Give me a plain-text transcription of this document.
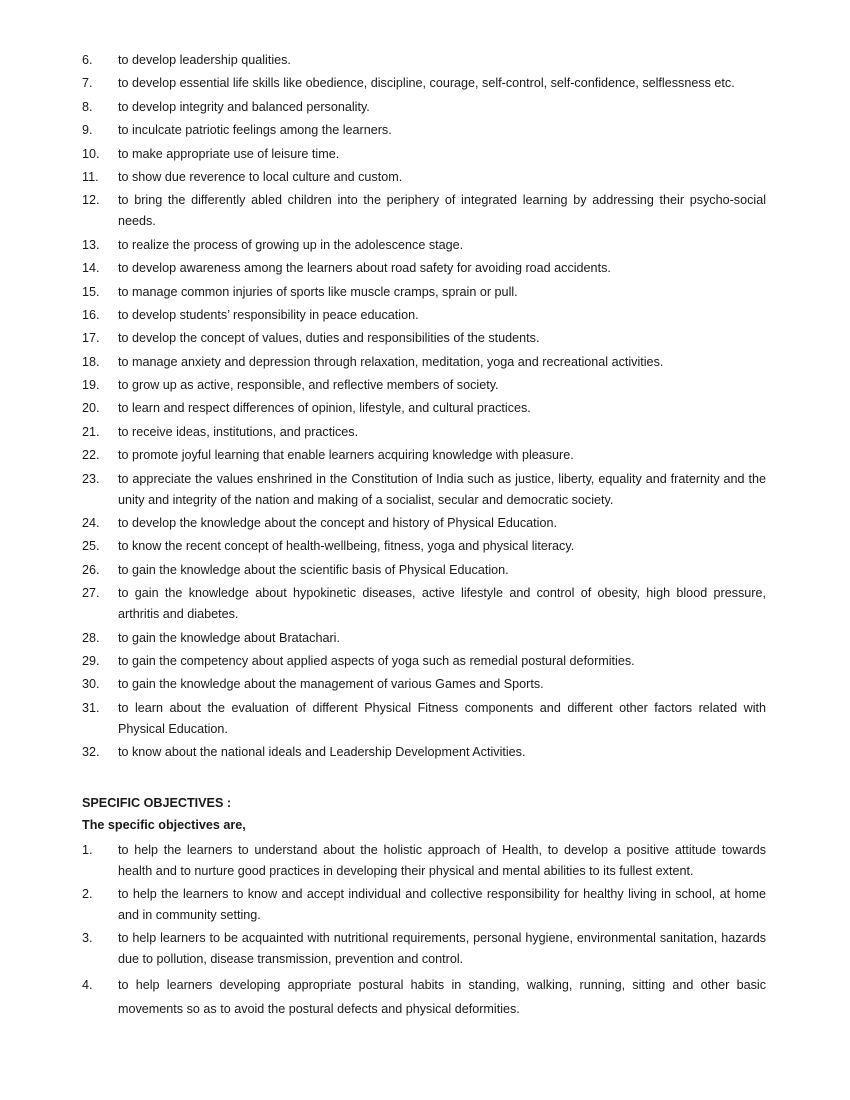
6.	to develop leadership qualities.
7.	to develop essential life skills like obedience, discipline, courage, self-control, self-confidence, selflessness etc.
8.	to develop integrity and balanced personality.
9.	to inculcate patriotic feelings among the learners.
10.	to make appropriate use of leisure time.
11.	to show due reverence to local culture and custom.
12.	to bring the differently abled children into the periphery of integrated learning by addressing their psycho-social needs.
13.	to realize the process of growing up in the adolescence stage.
14.	to develop awareness among the learners about road safety for avoiding road accidents.
15.	to manage common injuries of sports like muscle cramps, sprain or pull.
16.	to develop students’ responsibility in peace education.
17.	to develop the concept of values, duties and responsibilities of the students.
18.	to manage anxiety and depression through relaxation, meditation, yoga and recreational activities.
19.	to grow up as active, responsible, and reflective members of society.
20.	to learn and respect differences of opinion, lifestyle, and cultural practices.
21.	to receive ideas, institutions, and practices.
22.	to promote joyful learning that enable learners acquiring knowledge with pleasure.
23.	to appreciate the values enshrined in the Constitution of India such as justice, liberty, equality and fraternity and the unity and integrity of the nation and making of a socialist, secular and democratic society.
24.	to develop the knowledge about the concept and history of Physical Education.
25.	to know the recent concept of health-wellbeing, fitness, yoga and physical literacy.
26.	to gain the knowledge about the scientific basis of Physical Education.
27.	to gain the knowledge about hypokinetic diseases, active lifestyle and control of obesity, high blood pressure, arthritis and diabetes.
28.	to gain the knowledge about Bratachari.
29.	to gain the competency about applied aspects of yoga such as remedial postural deformities.
30.	to gain the knowledge about the management of various Games and Sports.
31.	to learn about the evaluation of different Physical Fitness components and different other factors related with Physical Education.
32.	to know about the national ideals and Leadership Development Activities.

SPECIFIC OBJECTIVES :

The specific objectives are,

1.	to help the learners to understand about the holistic approach of Health, to develop a positive attitude towards health and to nurture good practices in developing their physical and mental abilities to its fullest extent.
2.	to help the learners to know and accept individual and collective responsibility for healthy living in school, at home and in community setting.
3.	to help learners to be acquainted with nutritional requirements, personal hygiene, environmental sanitation, hazards due to pollution, disease transmission, prevention and control.
4.	to help learners developing appropriate postural habits in standing, walking, running, sitting and other basic movements so as to avoid the postural defects and physical deformities.
